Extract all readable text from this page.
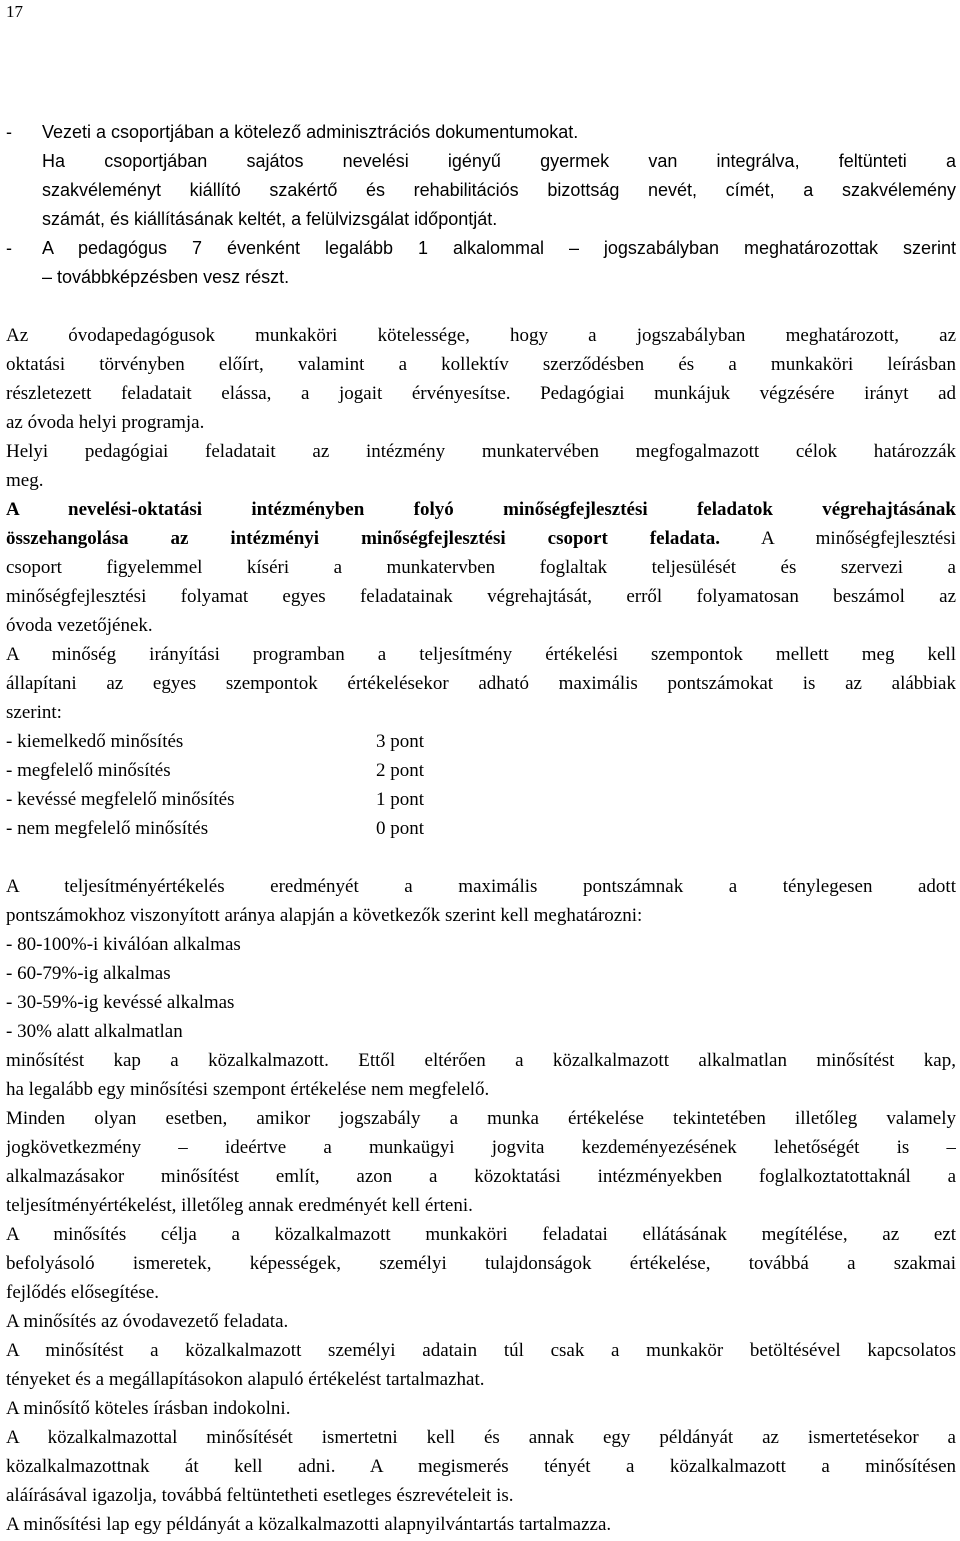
17
- Vezeti a csoportjában a kötelező adminisztrációs dokumentumokat.
Ha csoportjában sajátos nevelési igényű gyermek van integrálva, feltünteti a
szakvéleményt kiállító szakértő és rehabilitációs bizottság nevét, címét, a szakvélemény
számát, és kiállításának keltét, a felülvizsgálat időpontját.
- A pedagógus 7 évenként legalább 1 alkalommal – jogszabályban meghatározottak szerint
– továbbképzésben vesz részt.
Az óvodapedagógusok munkaköri kötelessége, hogy a jogszabályban meghatározott, az
oktatási törvényben előírt, valamint a kollektív szerződésben és a munkaköri leírásban
részletezett feladatait elássa, a jogait érvényesítse. Pedagógiai munkájuk végzésére irányt ad
az óvoda helyi programja.
Helyi pedagógiai feladatait az intézmény munkatervében megfogalmazott célok határozzák
meg.
A nevelési-oktatási intézményben folyó minőségfejlesztési feladatok végrehajtásának
összehangolása az intézményi minőségfejlesztési csoport feladata. A minőségfejlesztési
csoport figyelemmel kíséri a munkatervben foglaltak teljesülését és szervezi a
minőségfejlesztési folyamat egyes feladatainak végrehajtását, erről folyamatosan beszámol az
óvoda vezetőjének.
A minőség irányítási programban a teljesítmény értékelési szempontok mellett meg kell
állapítani az egyes szempontok értékelésekor adható maximális pontszámokat is az alábbiak
szerint:
- kiemelkedő minősítés	3 pont
- megfelelő minősítés	2 pont
- kevéssé megfelelő minősítés	1 pont
- nem megfelelő minősítés	0 pont
A teljesítményértékelés eredményét a maximális pontszámnak a ténylegesen adott
pontszámokhoz viszonyított aránya alapján a következők szerint kell meghatározni:
- 80-100%-i kiválóan alkalmas
- 60-79%-ig alkalmas
- 30-59%-ig kevéssé alkalmas
- 30% alatt alkalmatlan
minősítést kap a közalkalmazott. Ettől eltérően a közalkalmazott alkalmatlan minősítést kap,
ha legalább egy minősítési szempont értékelése nem megfelelő.
Minden olyan esetben, amikor jogszabály a munka értékelése tekintetében illetőleg valamely
jogkövetkezmény – ideértve a munkaügyi jogvita kezdeményezésének lehetőségét is –
alkalmazásakor minősítést említ, azon a közoktatási intézményekben foglalkoztatottaknál a
teljesítményértékelést, illetőleg annak eredményét kell érteni.
A minősítés célja a közalkalmazott munkaköri feladatai ellátásának megítélése, az ezt
befolyásoló ismeretek, képességek, személyi tulajdonságok értékelése, továbbá a szakmai
fejlődés elősegítése.
A minősítés az óvodavezető feladata.
A minősítést a közalkalmazott személyi adatain túl csak a munkakör betöltésével kapcsolatos
tényeket és a megállapításokon alapuló értékelést tartalmazhat.
A minősítő köteles írásban indokolni.
A közalkalmazottal minősítését ismertetni kell és annak egy példányát az ismertetésekor a
közalkalmazottnak át kell adni. A megismerés tényét a közalkalmazott a minősítésen
aláírásával igazolja, továbbá feltüntetheti esetleges észrevételeit is.
A minősítési lap egy példányát a közalkalmazotti alapnyilvántartás tartalmazza.
